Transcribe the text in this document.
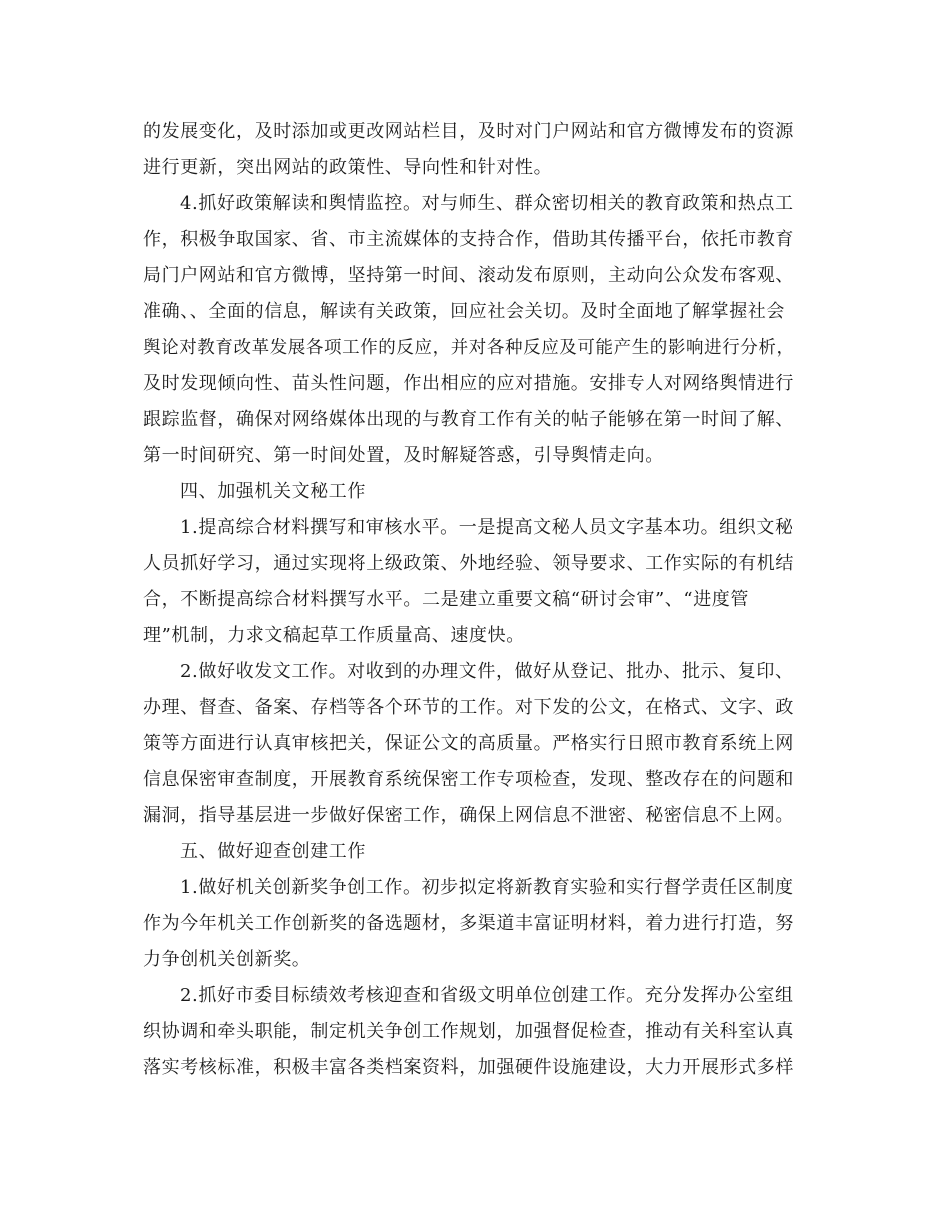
的发展变化，及时添加或更改网站栏目，及时对门户网站和官方微博发布的资源

进行更新，突出网站的政策性、导向性和针对性。

4.抓好政策解读和舆情监控。对与师生、群众密切相关的教育政策和热点工

作，积极争取国家、省、市主流媒体的支持合作，借助其传播平台，依托市教育

局门户网站和官方微博，坚持第一时间、滚动发布原则，主动向公众发布客观、

准确、、全面的信息，解读有关政策，回应社会关切。及时全面地了解掌握社会

舆论对教育改革发展各项工作的反应，并对各种反应及可能产生的影响进行分析，

及时发现倾向性、苗头性问题，作出相应的应对措施。安排专人对网络舆情进行

跟踪监督，确保对网络媒体出现的与教育工作有关的帖子能够在第一时间了解、

第一时间研究、第一时间处置，及时解疑答惑，引导舆情走向。

四、加强机关文秘工作

1.提高综合材料撰写和审核水平。一是提高文秘人员文字基本功。组织文秘

人员抓好学习，通过实现将上级政策、外地经验、领导要求、工作实际的有机结

合，不断提高综合材料撰写水平。二是建立重要文稿“研讨会审”、“进度管

理”机制，力求文稿起草工作质量高、速度快。

2.做好收发文工作。对收到的办理文件，做好从登记、批办、批示、复印、

办理、督查、备案、存档等各个环节的工作。对下发的公文，在格式、文字、政

策等方面进行认真审核把关，保证公文的高质量。严格实行日照市教育系统上网

信息保密审查制度，开展教育系统保密工作专项检查，发现、整改存在的问题和

漏洞，指导基层进一步做好保密工作，确保上网信息不泄密、秘密信息不上网。

五、做好迎查创建工作

1.做好机关创新奖争创工作。初步拟定将新教育实验和实行督学责任区制度

作为今年机关工作创新奖的备选题材，多渠道丰富证明材料，着力进行打造，努

力争创机关创新奖。

2.抓好市委目标绩效考核迎查和省级文明单位创建工作。充分发挥办公室组

织协调和牵头职能，制定机关争创工作规划，加强督促检查，推动有关科室认真

落实考核标准，积极丰富各类档案资料，加强硬件设施建设，大力开展形式多样
